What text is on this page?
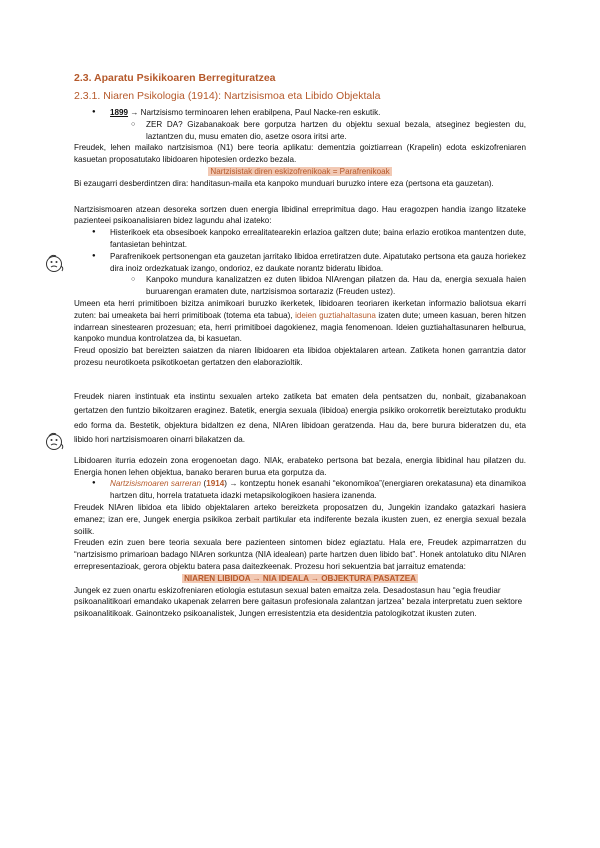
2.3. Aparatu Psikikoaren Berregituratzea
2.3.1. Niaren Psikologia (1914): Nartzisismoa eta Libido Objektala
● 1899 → Nartzisismo terminoaren lehen erabilpena, Paul Nacke-ren eskutik.
○ ZER DA? Gizabanakoak bere gorputza hartzen du objektu sexual bezala, atseginez begiesten du, laztantzen du, musu ematen dio, asetze osora iritsi arte.

Freudek, lehen mailako nartzisismoa (N1) bere teoria aplikatu: dementzia goiztiarrean (Krapelin) edota eskizofreniaren kasuetan proposatutako libidoaren hipotesien ordezko bezala.

Nartzisistak diren eskizofrenikoak = Parafrenikoak

Bi ezaugarri desberdintzen dira: handitasun-maila eta kanpoko munduari buruzko intere eza (pertsona eta gauzetan).

Nartzisismoaren atzean desoreka sortzen duen energia libidinal erreprimitua dago. Hau eragozpen handia izango litzateke pazienteei psikoanalisiaren bidez lagundu ahal izateko:

● Histerikoek eta obsesiboek kanpoko errealitatearekin erlazioa galtzen dute; baina erlazio erotikoa mantentzen dute, fantasietan behintzat.
● Parafrenikoek pertsonengan eta gauzetan jarritako libidoa erretiratzen dute. Aipatutako pertsona eta gauza horiekez dira inoiz ordezkatuak izango, ondorioz, ez daukate norantz bideratu libidoa.
○ Kanpoko mundura kanalizatzen ez duten libidoa NIArengan pilatzen da. Hau da, energia sexuala haien buruarengan eramaten dute, nartzisismoa sortaraziz (Freuden ustez).

Umeen eta herri primitiboen bizitza animikoari buruzko ikerketek, libidoaren teoriaren ikerketan informazio baliotsua ekarri zuten: bai umeaketa bai herri primitiboak (totema eta tabua), ideien guztiahaltasuna izaten dute; umeen kasuan, beren hitzen indarrean sinestearen prozesuan; eta, herri primitiboei dagokienez, magia fenomenoan. Ideien guztiahaltasunaren helburua, kanpoko mundua kontrolatzea da, bi kasuetan.

Freud oposizio bat bereizten saiatzen da niaren libidoaren eta libidoa objektalaren artean. Zatiketa honen garrantzia dator prozesu neurotikoeta psikotikoetan gertatzen den elaborazioltik.

Freudek niaren instintuak eta instintu sexualen arteko zatiketa bat ematen dela pentsatzen du, nonbait, gizabanakoan gertatzen den funtzio bikoitzaren eraginez. Batetik, energia sexuala (libidoa) energia psikiko orokorretik bereiztutako produktu edo forma da. Bestetik, objektura bidaltzen ez dena, NIAren libidoan geratzenda. Hau da, bere burura bideratzen du, eta libido hori nartzisismoaren oinarri bilakatzen da.

Libidoaren iturria edozein zona erogenoetan dago. NIAk, erabateko pertsona bat bezala, energia libidinal hau pilatzen du. Energia honen lehen objektua, banako beraren burua eta gorputza da.

● Nartzisismoaren sarreran (1914) → kontzeptu honek esanahi “ekonomikoa”(energiaren orekatasuna) eta dinamikoa hartzen ditu, horrela tratatueta idazki metapsikologikoen hasiera izanenda.

Freudek NIAren libidoa eta libido objektalaren arteko bereizketa proposatzen du, Jungekin izandako gatazkari hasiera emanez; izan ere, Jungek energia psikikoa zerbait partikular eta indiferente bezala ikusten zuen, ez energia sexual bezala soilik.

Freuden ezin zuen bere teoria sexuala bere pazienteen sintomen bidez egiaztatu. Hala ere, Freudek azpimarratzen du “nartzisismo primarioan badago NIAren sorkuntza (NIA idealean) parte hartzen duen libido bat”. Honek antolatuko ditu NIAren errepresentazioak, gerora objektu batera pasa daitezkeenak. Prozesu hori sekuentzia bat jarraituz ematenda:

NIAREN LIBIDOA → NIA IDEALA → OBJEKTURA PASATZEA

Jungek ez zuen onartu eskizofreniaren etiologia estutasun sexual baten emaitza zela. Desadostasun hau “egia freudiar psikoanalitikoari emandako ukapenak zelarren bere gaitasun profesionala zalantzan jartzea” bezala interpretatu zuen sektore psikoanalitikoak. Gainontzeko psikoanalistek, Jungen erresistentzia eta desidentzia patologikotzat ikusten zuten.
